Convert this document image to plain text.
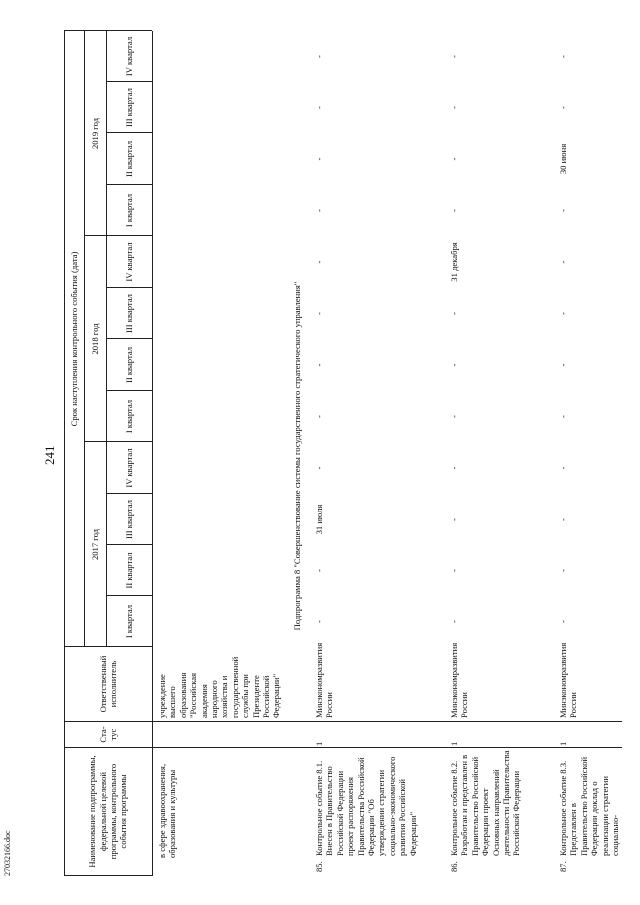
241
27032166.doc	Наименование подпрограммы, федеральной целевой программы, контрольного события программы
Ста-тус
Ответственный исполнитель
Срок наступления контрольного события (дата)
2017 год
2018 год
2019 год
I квартал
II квартал
III квартал
IV квартал
I квартал
II квартал
III квартал
IV квартал
I квартал
II квартал
III квартал
IV квартал
в сфере здравоохранения, образования и культуры
учреждение высшего образования "Российская академия народного хозяйства и государственной службы при Президенте Российской Федерации"
Подпрограмма 8 "Совершенствование системы государственного стратегического управления"
85.
Контрольное событие 8.1. Внесен в Правительство Российской Федерации проект распоряжения Правительства Российской Федерации "Об утверждении стратегии социально-экономического развития Российской Федерации"
1
Минэкономразвития России
-
-
31 июля
-
-
-
-
-
-
-
-
-
86.
Контрольное событие 8.2. Разработан и представлен в Правительство Российской Федерации проект Основных направлений деятельности Правительства Российской Федерации
1
Минэкономразвития России
-
-
-
-
-
-
-
31 декабря
-
-
-
-
87.
Контрольное событие 8.3. Представлен в Правительство Российской Федерации доклад о реализации стратегии социально-
1
Минэкономразвития России
-
-
-
-
-
-
-
-
-
30 июня
-
-
